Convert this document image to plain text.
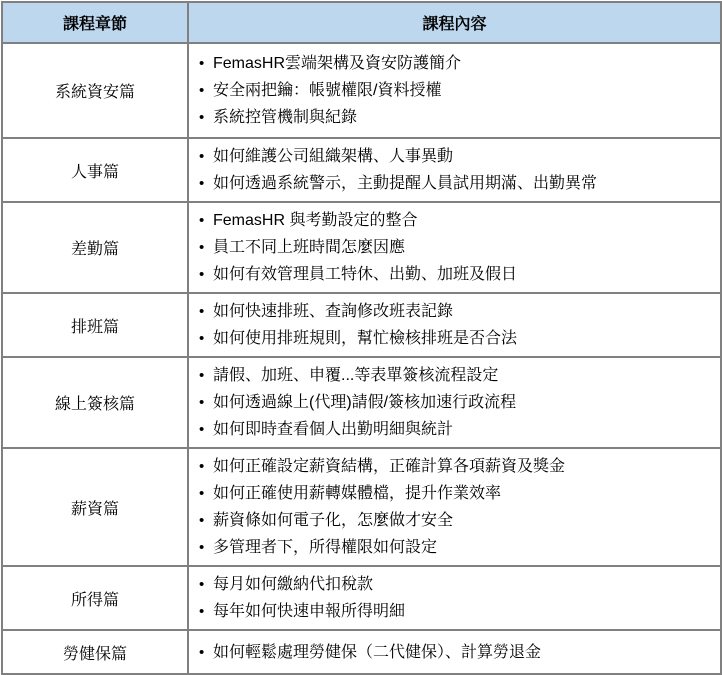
課程章節	課程內容
系統資安篇	
• FemasHR雲端架構及資安防護簡介
• 安全兩把鑰：帳號權限/資料授權
• 系統控管機制與紀錄

人事篇	
• 如何維護公司組織架構、人事異動
• 如何透過系統警示，主動提醒人員試用期滿、出勤異常

差勤篇	
• FemasHR 與考勤設定的整合
• 員工不同上班時間怎麼因應
• 如何有效管理員工特休、出勤、加班及假日

排班篇	
• 如何快速排班、查詢修改班表記錄
• 如何使用排班規則，幫忙檢核排班是否合法

線上簽核篇	
• 請假、加班、申覆...等表單簽核流程設定
• 如何透過線上(代理)請假/簽核加速行政流程
• 如何即時查看個人出勤明細與統計

薪資篇	
• 如何正確設定薪資結構，正確計算各項薪資及獎金
• 如何正確使用薪轉媒體檔，提升作業效率
• 薪資條如何電子化，怎麼做才安全
• 多管理者下，所得權限如何設定

所得篇	
• 每月如何繳納代扣稅款
• 每年如何快速申報所得明細

勞健保篇	• 如何輕鬆處理勞健保（二代健保）、計算勞退金
